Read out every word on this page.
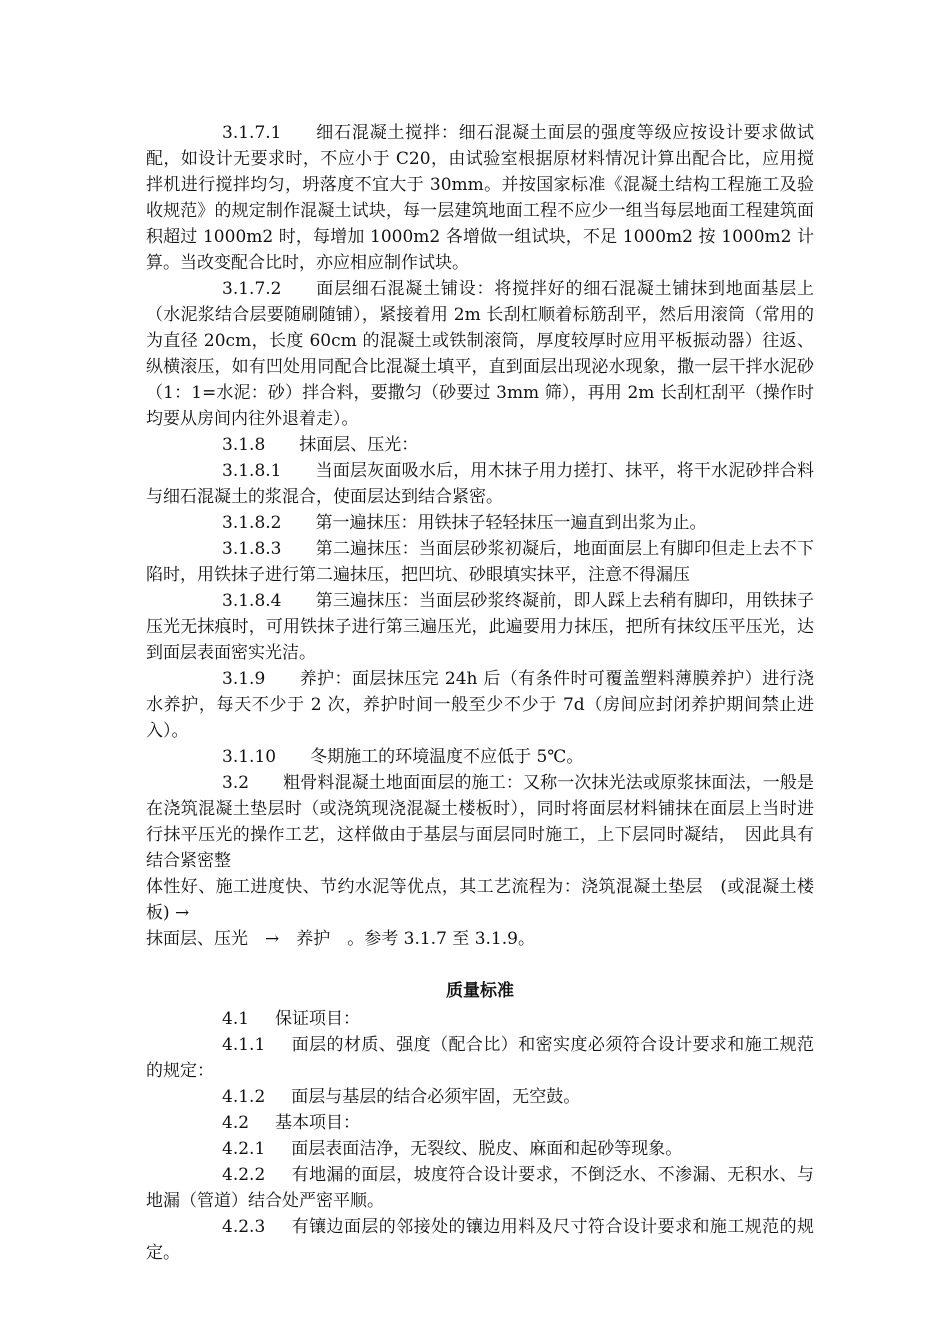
3.1.7.1 细石混凝土搅拌：细石混凝土面层的强度等级应按设计要求做试配，如设计无要求时，不应小于 C20，由试验室根据原材料情况计算出配合比，应用搅拌机进行搅拌均匀，坍落度不宜大于 30mm。并按国家标准《混凝土结构工程施工及验收规范》的规定制作混凝土试块，每一层建筑地面工程不应少一组当每层地面工程建筑面积超过 1000m2 时，每增加 1000m2 各增做一组试块，不足 1000m2 按 1000m2 计算。当改变配合比时，亦应相应制作试块。

3.1.7.2 面层细石混凝土铺设：将搅拌好的细石混凝土铺抹到地面基层上（水泥浆结合层要随刷随铺），紧接着用 2m 长刮杠顺着标筋刮平，然后用滚筒（常用的为直径 20cm，长度 60cm 的混凝土或铁制滚筒，厚度较厚时应用平板振动器）往返、纵横滚压，如有凹处用同配合比混凝土填平，直到面层出现泌水现象，撒一层干拌水泥砂（1：1=水泥：砂）拌合料，要撒匀（砂要过 3mm 筛），再用 2m 长刮杠刮平（操作时均要从房间内往外退着走）。

3.1.8 抹面层、压光：

3.1.8.1 当面层灰面吸水后，用木抹子用力搓打、抹平，将干水泥砂拌合料与细石混凝土的浆混合，使面层达到结合紧密。

3.1.8.2 第一遍抹压：用铁抹子轻轻抹压一遍直到出浆为止。

3.1.8.3 第二遍抹压：当面层砂浆初凝后，地面面层上有脚印但走上去不下陷时，用铁抹子进行第二遍抹压，把凹坑、砂眼填实抹平，注意不得漏压

3.1.8.4 第三遍抹压：当面层砂浆终凝前，即人踩上去稍有脚印，用铁抹子压光无抹痕时，可用铁抹子进行第三遍压光，此遍要用力抹压，把所有抹纹压平压光，达到面层表面密实光洁。

3.1.9 养护：面层抹压完 24h 后（有条件时可覆盖塑料薄膜养护）进行浇水养护，每天不少于 2 次，养护时间一般至少不少于 7d（房间应封闭养护期间禁止进入）。

3.1.10 冬期施工的环境温度不应低于 5℃。

3.2 粗骨料混凝土地面面层的施工：又称一次抹光法或原浆抹面法，一般是在浇筑混凝土垫层时（或浇筑现浇混凝土楼板时），同时将面层材料铺抹在面层上当时进行抹平压光的操作工艺，这样做由于基层与面层同时施工，上下层同时凝结，　因此具有结合紧密整

体性好、施工进度快、节约水泥等优点，其工艺流程为：浇筑混凝土垫层　(或混凝土楼板) →

抹面层、压光　→　养护　。参考 3.1.7 至 3.1.9。

质量标准

4.1 保证项目：

4.1.1 面层的材质、强度（配合比）和密实度必须符合设计要求和施工规范的规定：

4.1.2 面层与基层的结合必须牢固，无空鼓。

4.2 基本项目：

4.2.1 面层表面洁净，无裂纹、脱皮、麻面和起砂等现象。

4.2.2 有地漏的面层，坡度符合设计要求，不倒泛水、不渗漏、无积水、与地漏（管道）结合处严密平顺。

4.2.3 有镶边面层的邻接处的镶边用料及尺寸符合设计要求和施工规范的规定。
